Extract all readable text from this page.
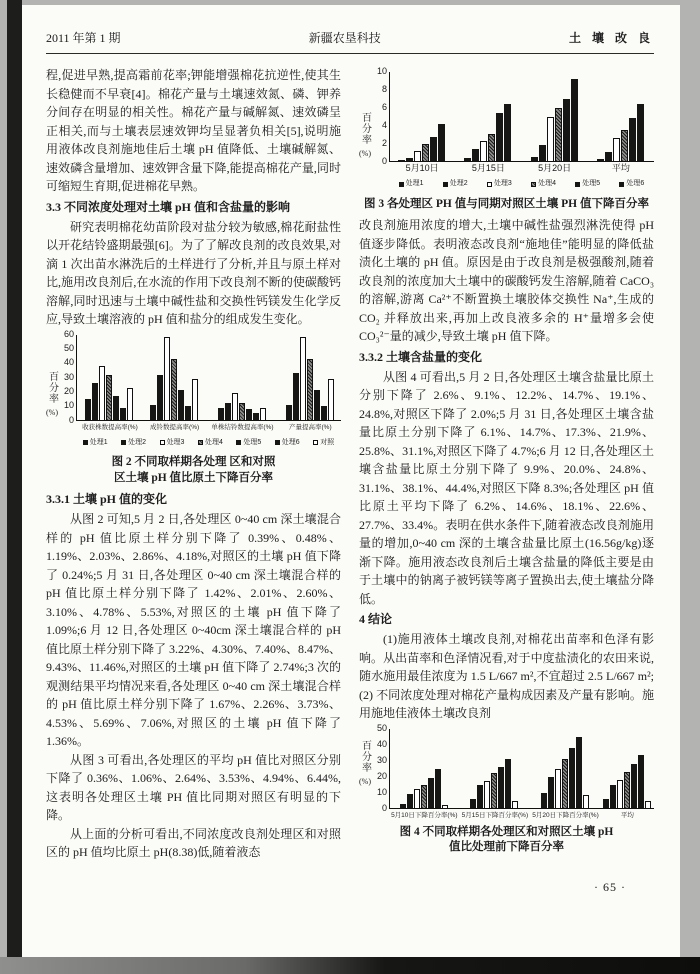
2011 年第 1 期	新疆农垦科技	土 壤 改 良

程,促进早熟,提高霜前花率;钾能增强棉花抗逆性,使其生长稳健而不早衰[4]。棉花产量与土壤速效氮、磷、钾养分间存在明显的相关性。棉花产量与碱解氮、速效磷呈正相关,而与土壤表层速效钾均呈显著负相关[5],说明施用液体改良剂施地佳后土壤 pH 值降低、土壤碱解氮、速效磷含量增加、速效钾含量下降,能提高棉花产量,同时可缩短生育期,促进棉花早熟。

3.3 不同浓度处理对土壤 pH 值和含盐量的影响

研究表明棉花幼苗阶段对盐分较为敏感,棉花耐盐性以开花结铃盛期最强[6]。为了了解改良剂的改良效果,对滴 1 次出苗水淋洗后的土样进行了分析,并且与原土样对比,施用改良剂后,在水流的作用下改良剂不断的使碳酸钙溶解,同时迅速与土壤中碱性盐和交换性钙镁发生化学反应,导致土壤溶液的 pH 值和盐分的组成发生变化。

百分率
(%)
0
10
20
30
40
50
60
收获株数提高率(%) 成铃数提高率(%) 单株结铃数提高率(%) 产量提高率(%)
处理1	处理2	处理3	处理4	处理5	处理6	对照

图 2 不同取样期各处理 区和对照
区土壤 pH 值比原土下降百分率

3.3.1 土壤 pH 值的变化

从图 2 可知,5 月 2 日,各处理区 0~40 cm 深土壤混合样的 pH 值比原土样分别下降了 0.39%、0.48%、1.19%、2.03%、2.86%、4.18%,对照区的土壤 pH 值下降了 0.24%;5 月 31 日,各处理区 0~40 cm 深土壤混合样的 pH 值比原土样分别下降了 1.42%、2.01%、2.60%、3.10%、4.78%、5.53%,对照区的土壤 pH 值下降了 1.09%;6 月 12 日,各处理区 0~40cm 深土壤混合样的 pH 值比原土样分别下降了 3.22%、4.30%、7.40%、8.47%、9.43%、11.46%,对照区的土壤 pH 值下降了 2.74%;3 次的观测结果平均情况来看,各处理区 0~40 cm 深土壤混合样的 pH 值比原土样分别下降了 1.67%、2.26%、3.73%、4.53%、5.69%、7.06%,对照区的土壤 pH 值下降了 1.36%。

从图 3 可看出,各处理区的平均 pH 值比对照区分别下降了 0.36%、1.06%、2.64%、3.53%、4.94%、6.44%,这表明各处理区土壤 PH 值比同期对照区有明显的下降。

从上面的分析可看出,不同浓度改良剂处理区和对照区的 pH 值均比原土 pH(8.38)低,随着液态

百分率
(%)
0
2
4
6
8
10
5月10日	5月15日	5月20日	平均
处理1	处理2	处理3	处理4	处理5	处理6

图 3 各处理区 PH 值与同期对照区土壤 PH 值下降百分率

改良剂施用浓度的增大,土壤中碱性盐强烈淋洗使得 pH 值逐步降低。表明液态改良剂“施地佳”能明显的降低盐渍化土壤的 pH 值。原因是由于改良剂是极强酸剂,随着改良剂的浓度加大土壤中的碳酸钙发生溶解,随着 CaCO₃ 的溶解,游离 Ca²⁺不断置换土壤胶体交换性 Na⁺,生成的 CO₂ 并释放出来,再加上改良液多余的 H⁺量增多会使 CO₃²⁻量的减少,导致土壤 pH 值下降。

3.3.2 土壤含盐量的变化

从图 4 可看出,5 月 2 日,各处理区土壤含盐量比原土分别下降了 2.6%、9.1%、12.2%、14.7%、19.1%、24.8%,对照区下降了 2.0%;5 月 31 日,各处理区土壤含盐量比原土分别下降了 6.1%、14.7%、17.3%、21.9%、25.8%、31.1%,对照区下降了 4.7%;6 月 12 日,各处理区土壤含盐量比原土分别下降了 9.9%、20.0%、24.8%、31.1%、38.1%、44.4%,对照区下降 8.3%;各处理区 pH 值比原土平均下降了 6.2%、14.6%、18.1%、22.6%、27.7%、33.4%。表明在供水条件下,随着液态改良剂施用量的增加,0~40 cm 深的土壤含盐量比原土(16.56g/kg)逐渐下降。施用液态改良剂后土壤含盐量的降低主要是由于土壤中的钠离子被钙镁等离子置换出去,使土壤盐分降低。

4 结论

(1)施用液体土壤改良剂,对棉花出苗率和色泽有影响。从出苗率和色泽情况看,对于中度盐渍化的农田来说,随水施用最佳浓度为 1.5 L/667 m²,不宜超过 2.5 L/667 m²;(2) 不同浓度处理对棉花产量构成因素及产量有影响。施用施地佳液体土壤改良剂

百分率
(%)
0
10
20
30
40
50
5月10日下降百分率(%) 5月15日下降百分率(%) 5月20日下降百分率(%)	平均

图 4 不同取样期各处理区和对照区土壤 pH
值比处理前下降百分率

· 65 ·
